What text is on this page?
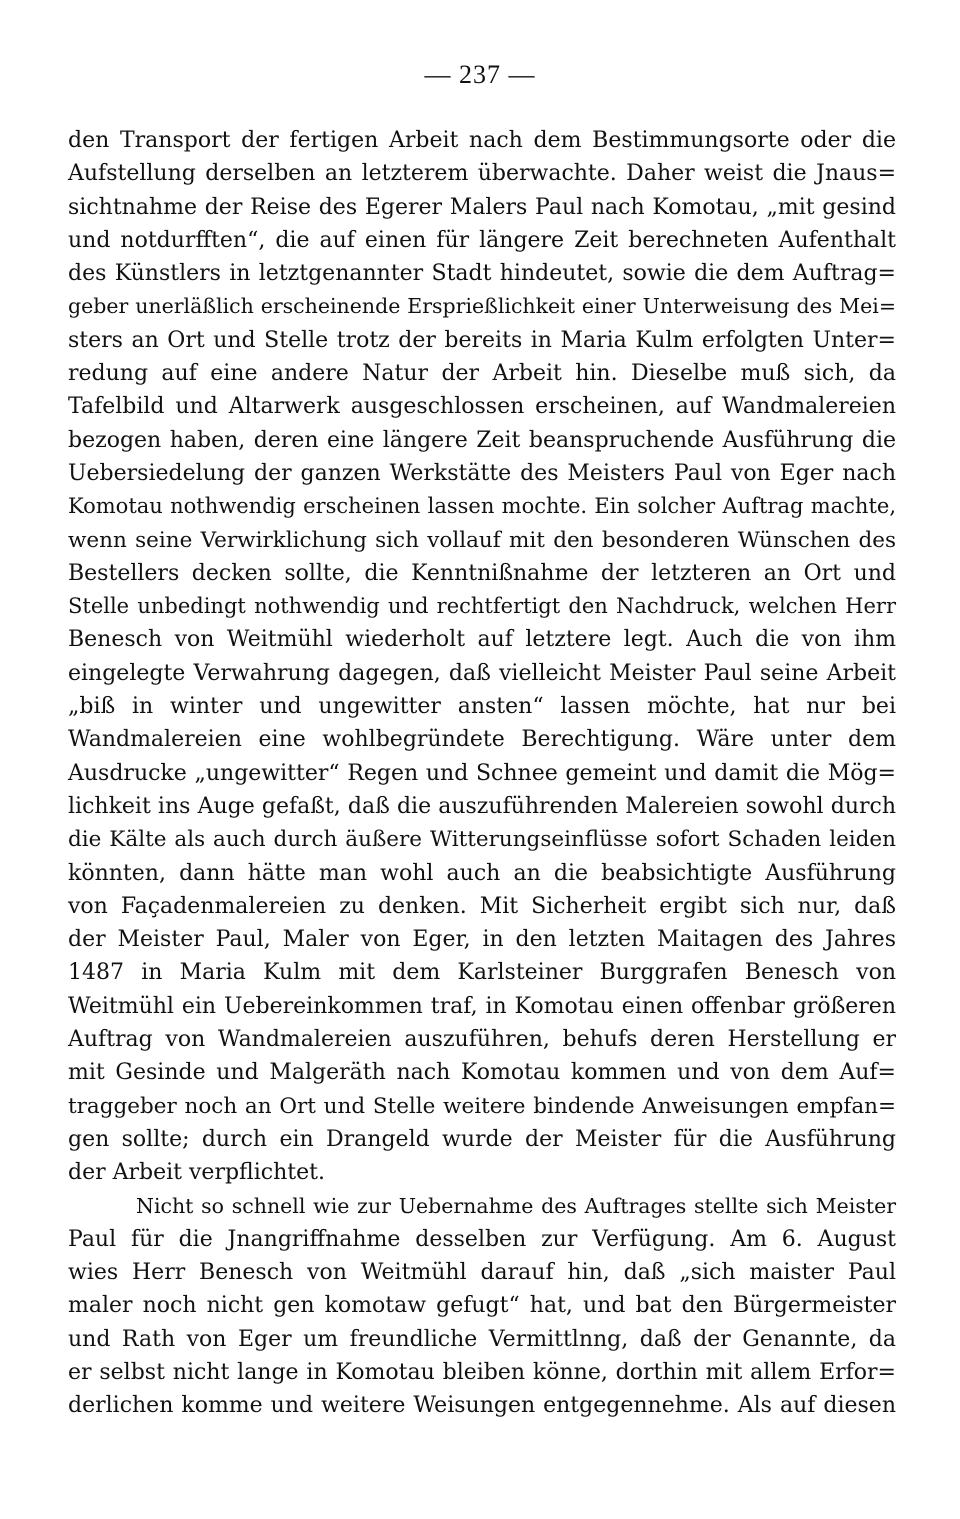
— 237 —
den Transport der fertigen Arbeit nach dem Bestimmungsorte oder die
Aufstellung derselben an letzterem überwachte. Daher weist die Jnaus=
sichtnahme der Reise des Egerer Malers Paul nach Komotau, „mit gesind
und notdurfften“, die auf einen für längere Zeit berechneten Aufenthalt
des Künstlers in letztgenannter Stadt hindeutet, sowie die dem Auftrag=
geber unerläßlich erscheinende Ersprießlichkeit einer Unterweisung des Mei=
sters an Ort und Stelle trotz der bereits in Maria Kulm erfolgten Unter=
redung auf eine andere Natur der Arbeit hin. Dieselbe muß sich, da
Tafelbild und Altarwerk ausgeschlossen erscheinen, auf Wandmalereien
bezogen haben, deren eine längere Zeit beanspruchende Ausführung die
Uebersiedelung der ganzen Werkstätte des Meisters Paul von Eger nach
Komotau nothwendig erscheinen lassen mochte. Ein solcher Auftrag machte,
wenn seine Verwirklichung sich vollauf mit den besonderen Wünschen des
Bestellers decken sollte, die Kenntnißnahme der letzteren an Ort und
Stelle unbedingt nothwendig und rechtfertigt den Nachdruck, welchen Herr
Benesch von Weitmühl wiederholt auf letztere legt. Auch die von ihm
eingelegte Verwahrung dagegen, daß vielleicht Meister Paul seine Arbeit
„biß in winter und ungewitter ansten“ lassen möchte, hat nur bei
Wandmalereien eine wohlbegründete Berechtigung. Wäre unter dem
Ausdrucke „ungewitter“ Regen und Schnee gemeint und damit die Mög=
lichkeit ins Auge gefaßt, daß die auszuführenden Malereien sowohl durch
die Kälte als auch durch äußere Witterungseinflüsse sofort Schaden leiden
könnten, dann hätte man wohl auch an die beabsichtigte Ausführung
von Façadenmalereien zu denken. Mit Sicherheit ergibt sich nur, daß
der Meister Paul, Maler von Eger, in den letzten Maitagen des Jahres
1487 in Maria Kulm mit dem Karlsteiner Burggrafen Benesch von
Weitmühl ein Uebereinkommen traf, in Komotau einen offenbar größeren
Auftrag von Wandmalereien auszuführen, behufs deren Herstellung er
mit Gesinde und Malgeräth nach Komotau kommen und von dem Auf=
traggeber noch an Ort und Stelle weitere bindende Anweisungen empfan=
gen sollte; durch ein Drangeld wurde der Meister für die Ausführung
der Arbeit verpflichtet.
Nicht so schnell wie zur Uebernahme des Auftrages stellte sich Meister
Paul für die Jnangriffnahme desselben zur Verfügung. Am 6. August
wies Herr Benesch von Weitmühl darauf hin, daß „sich maister Paul
maler noch nicht gen komotaw gefugt“ hat, und bat den Bürgermeister
und Rath von Eger um freundliche Vermittlnng, daß der Genannte, da
er selbst nicht lange in Komotau bleiben könne, dorthin mit allem Erfor=
derlichen komme und weitere Weisungen entgegennehme. Als auf diesen
